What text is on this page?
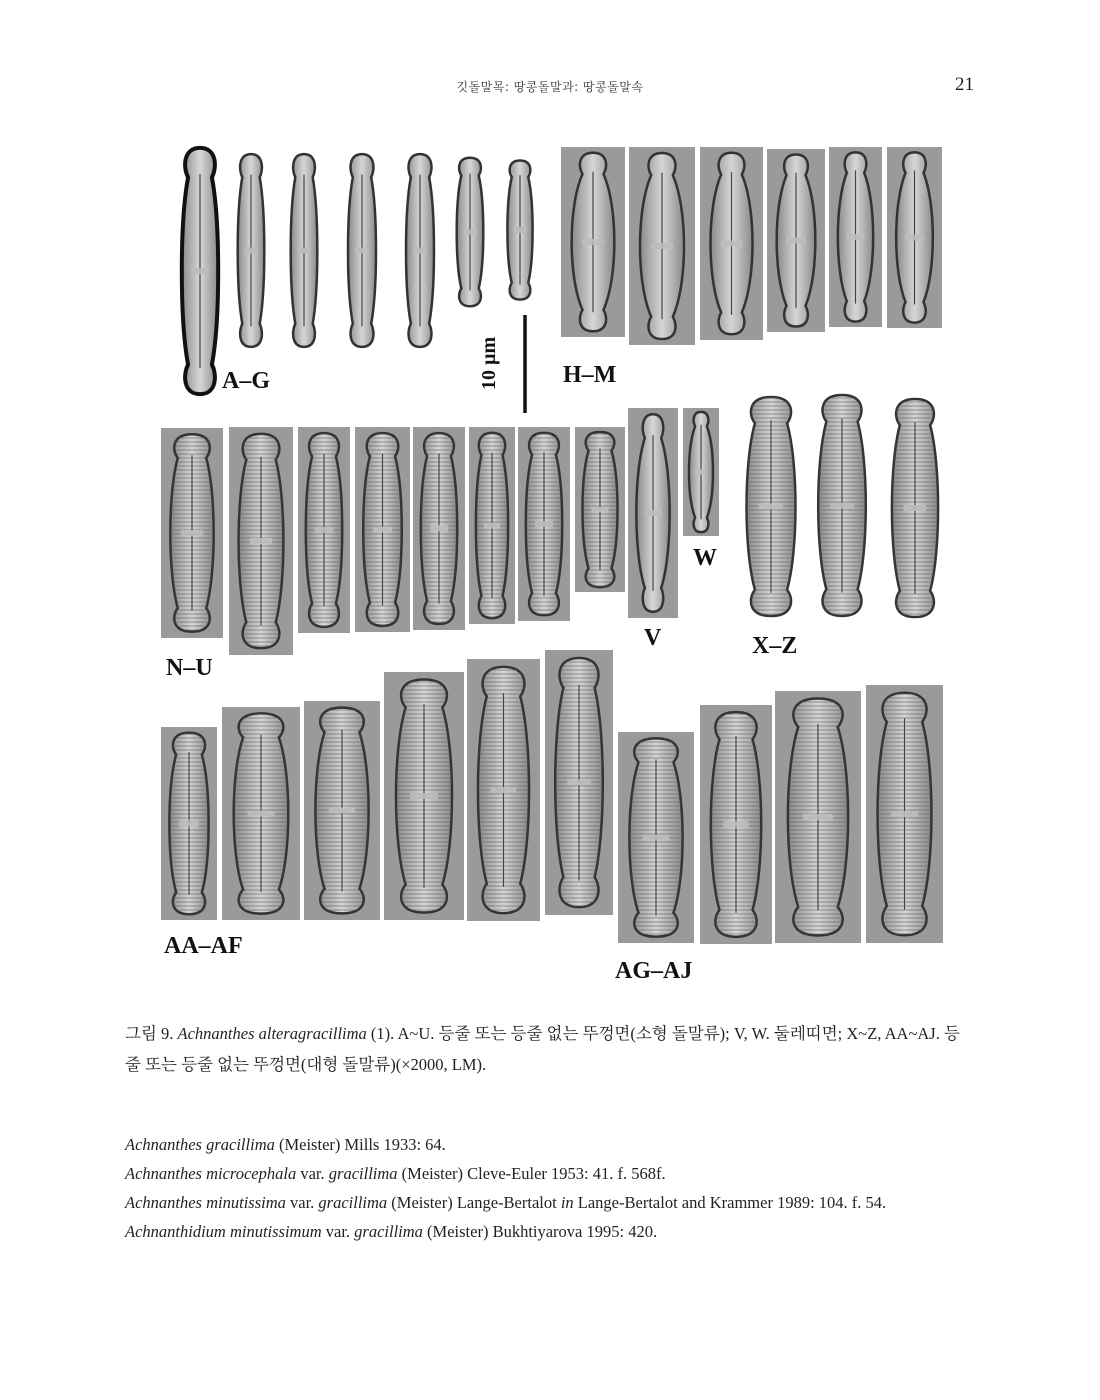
깃돌말목: 땅콩돌말과: 땅콩돌말속	21
A–G	H–M
10 µm
N–U
V
W
X–Z
AA–AF
AG–AJ
그림 9. Achnanthes alteragracillima (1). A~U. 등줄 또는 등줄 없는 뚜껑면(소형 돌말류); V, W. 둘레띠면; X~Z, AA~AJ. 등줄 또는 등줄 없는 뚜껑면(대형 돌말류)(×2000, LM).

Achnanthes gracillima (Meister) Mills 1933: 64.

Achnanthes microcephala var. gracillima (Meister) Cleve-Euler 1953: 41. f. 568f.

Achnanthes minutissima var. gracillima (Meister) Lange-Bertalot in Lange-Bertalot and Krammer 1989: 104. f. 54.

Achnanthidium minutissimum var. gracillima (Meister) Bukhtiyarova 1995: 420.
